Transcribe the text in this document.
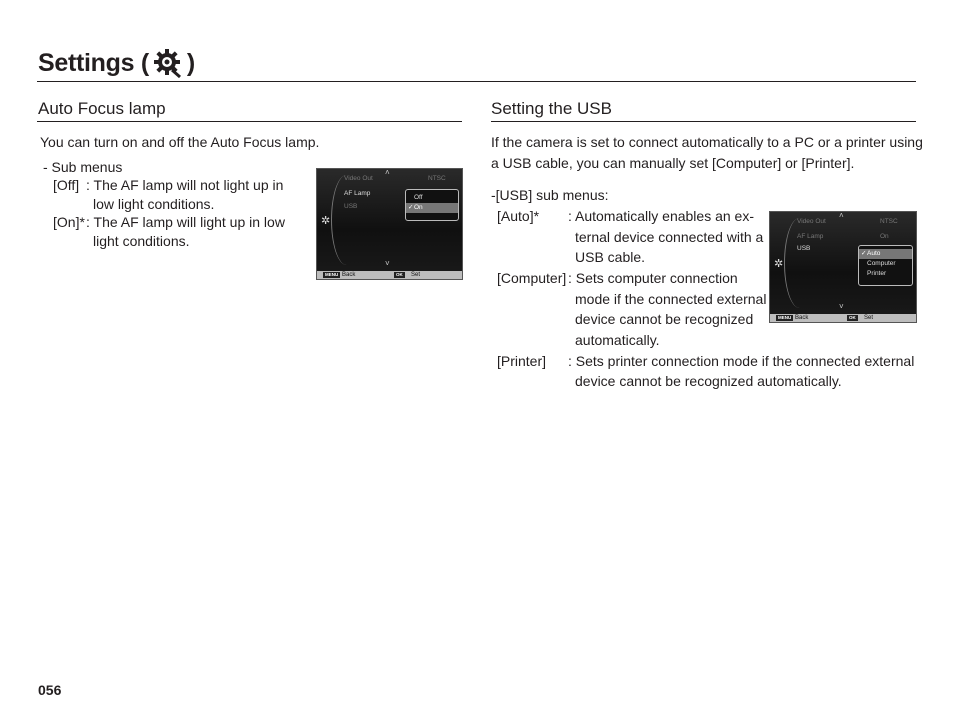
Settings ( )
Auto Focus lamp
You can turn on and off the Auto Focus lamp.
- Sub menus
[Off] : The AF lamp will not light up in
low light conditions.
[On]* : The AF lamp will light up in low
light conditions.
˄
Video Out	NTSC
AF Lamp
USB
✲
Off
✓ On
˅
MENU Back	OK	Set
Setting the USB
If the camera is set to connect automatically to a PC or a printer using
a USB cable, you can manually set [Computer] or [Printer].
-[USB] sub menus:
[Auto]* : Automatically enables an ex-
ternal device connected with a
USB cable.
[Computer] : Sets computer connection
mode if the connected external
device cannot be recognized
automatically.
[Printer] : Sets printer connection mode if the connected external
device cannot be recognized automatically.
˄
Video Out	NTSC
AF Lamp	On
USB
✲
✓ Auto
Computer
Printer
˅
MENU Back	OK	Set
056
